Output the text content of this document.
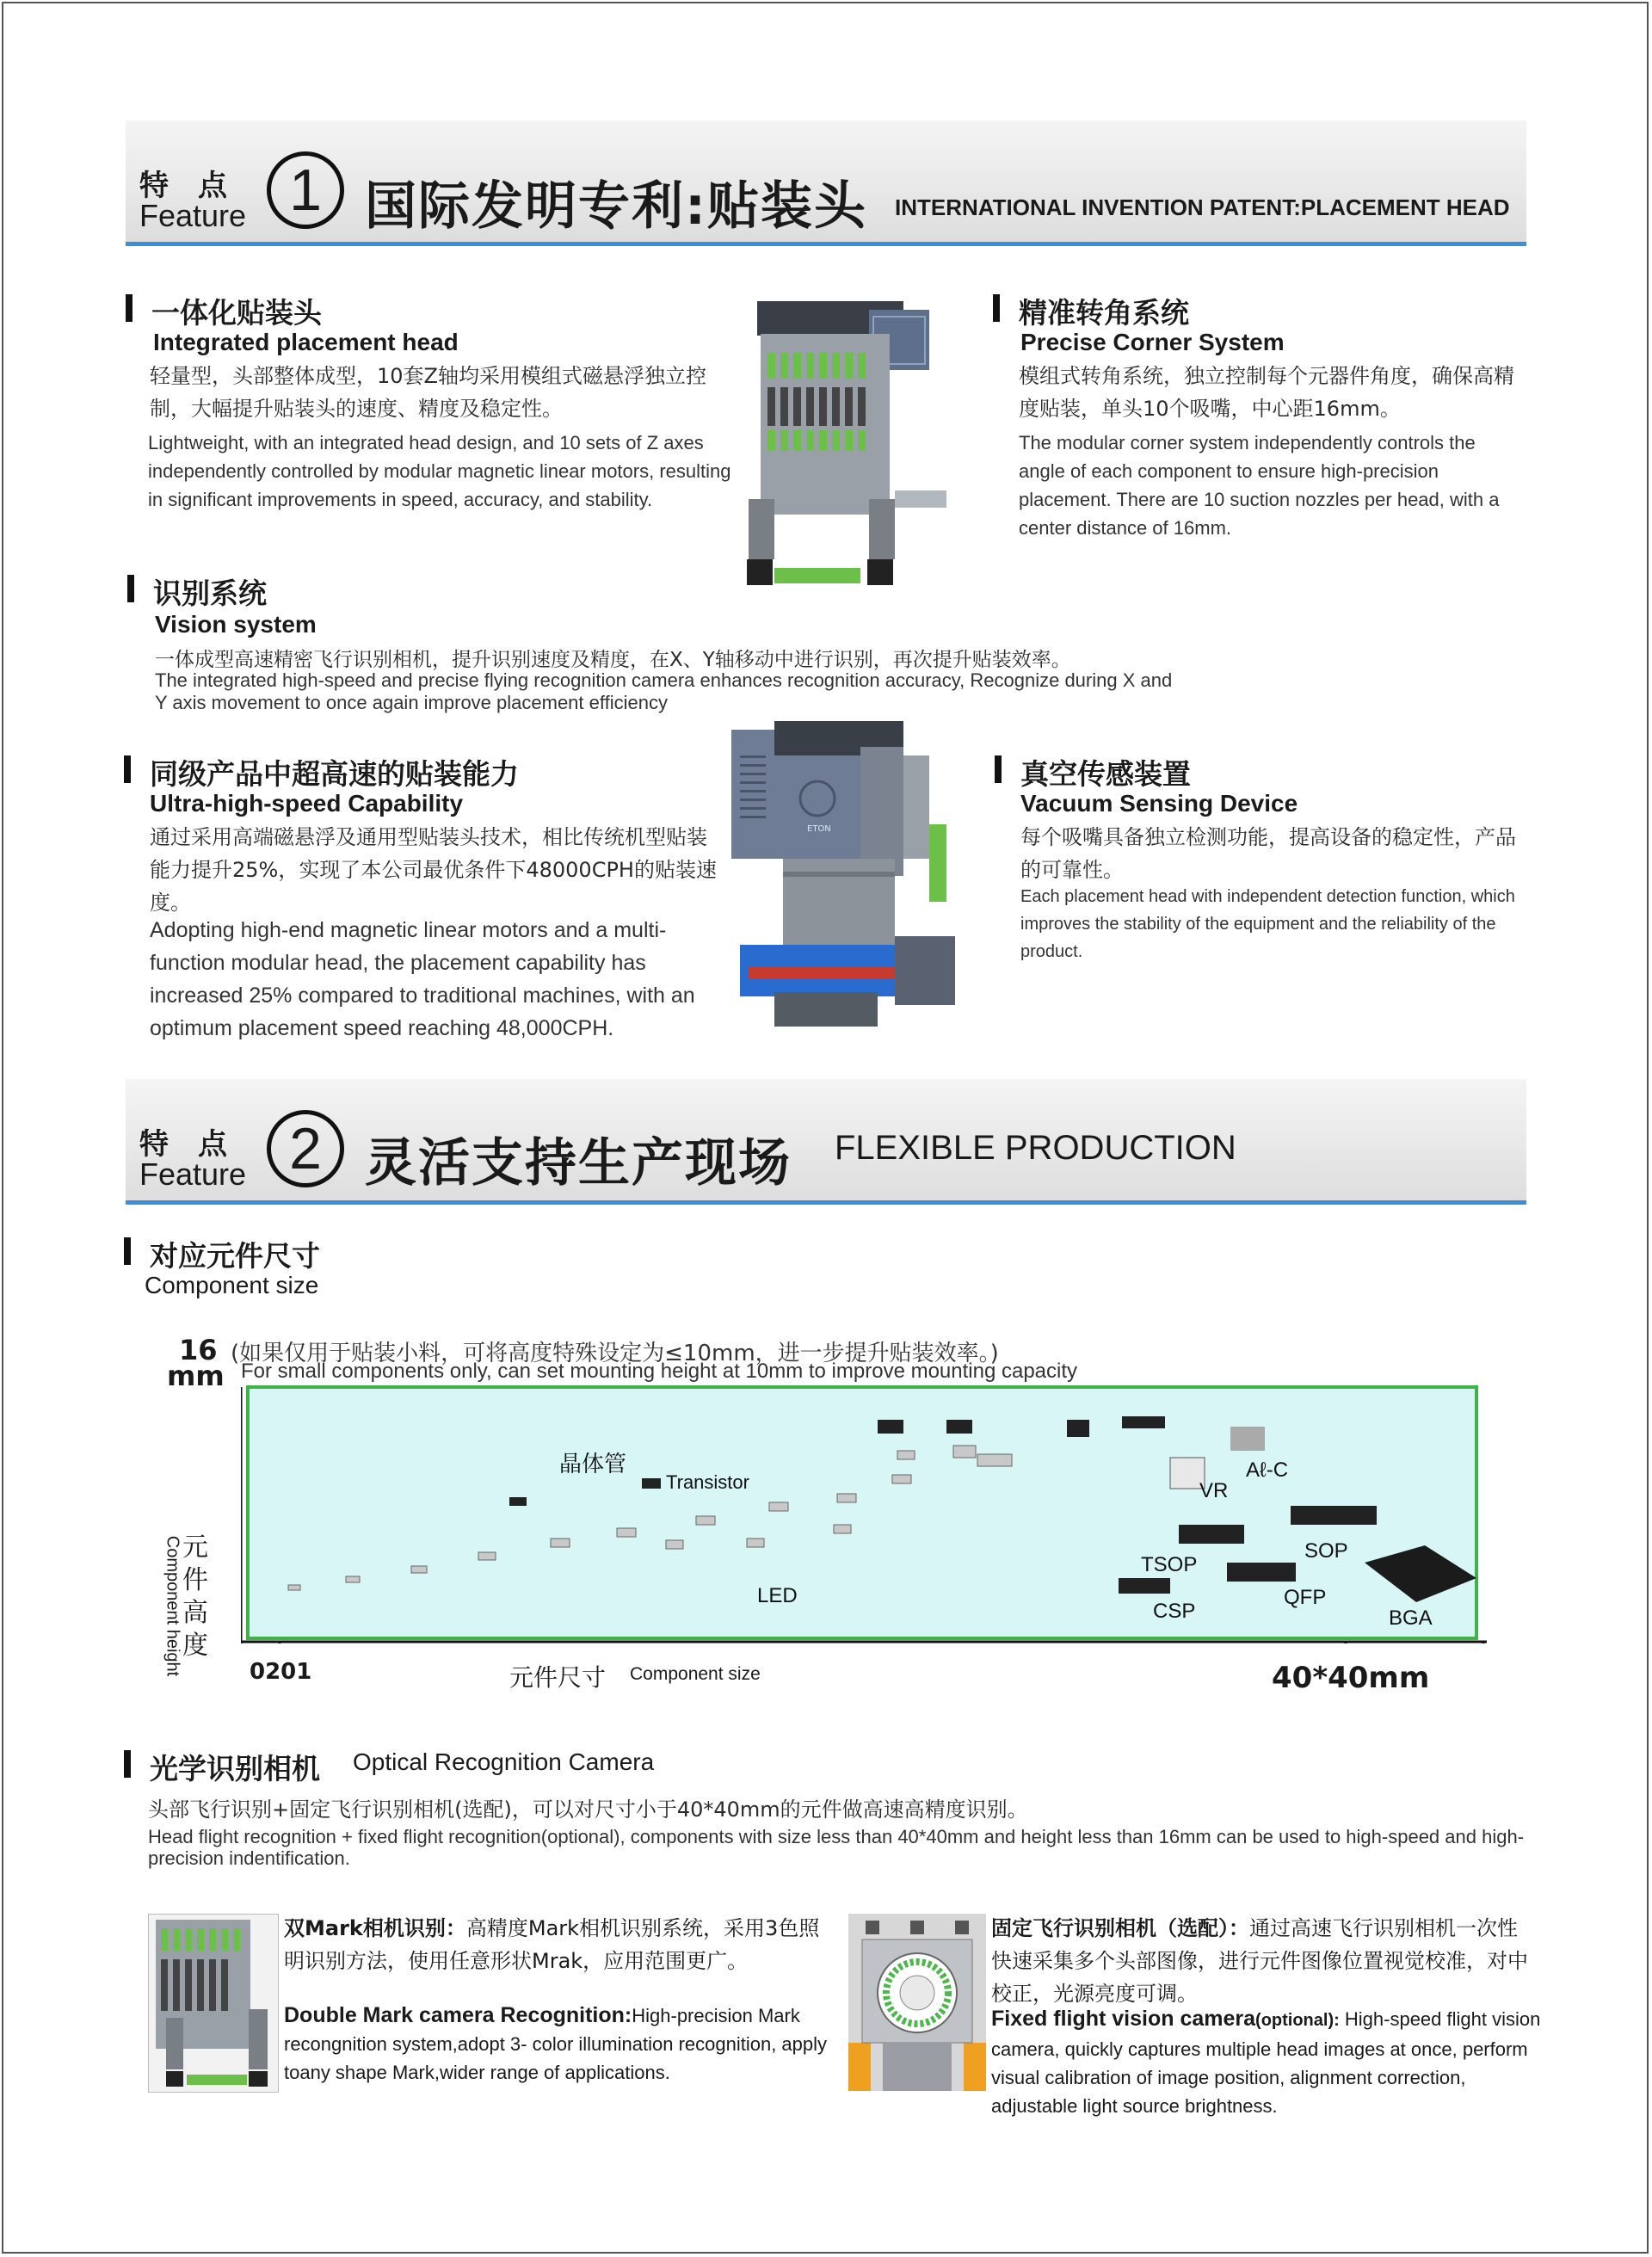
特点
Feature 1 国际发明专利:贴装头 INTERNATIONAL INVENTION PATENT:PLACEMENT HEAD
一体化贴装头
Integrated placement head
轻量型，头部整体成型，10套Z轴均采用模组式磁悬浮独立控制，大幅提升贴装头的速度、精度及稳定性。
Lightweight, with an integrated head design, and 10 sets of Z axes independently controlled by modular magnetic linear motors, resulting in significant improvements in speed, accuracy, and stability.
精准转角系统
Precise Corner System
模组式转角系统，独立控制每个元器件角度，确保高精度贴装，单头10个吸嘴，中心距16mm。
The modular corner system independently controls the angle of each component to ensure high-precision placement. There are 10 suction nozzles per head, with a center distance of 16mm.
识别系统
Vision system
一体成型高速精密飞行识别相机，提升识别速度及精度，在X、Y轴移动中进行识别，再次提升贴装效率。
The integrated high-speed and precise flying recognition camera enhances recognition accuracy, Recognize during X and Y axis movement to once again improve placement efficiency
同级产品中超高速的贴装能力
Ultra-high-speed Capability
通过采用高端磁悬浮及通用型贴装头技术，相比传统机型贴装能力提升25%，实现了本公司最优条件下48000CPH的贴装速度。
Adopting high-end magnetic linear motors and a multi-function modular head, the placement capability has increased 25% compared to traditional machines, with an optimum placement speed reaching 48,000CPH.
ETON
真空传感装置
Vacuum Sensing Device
每个吸嘴具备独立检测功能，提高设备的稳定性，产品的可靠性。
Each placement head with independent detection function, which improves the stability of the equipment and the reliability of the product.
特点
Feature 2 灵活支持生产现场 FLEXIBLE PRODUCTION
对应元件尺寸
Component size
16
mm
(如果仅用于贴装小料，可将高度特殊设定为≤10mm，进一步提升贴装效率。)
For small components only, can set mounting height at 10mm to improve mounting capacity
晶体管
Transistor
LED
VR
Aℓ-C
TSOP
SOP
CSP
QFP
BGA
元件高度
Component height	0201	元件尺寸 Component size	40*40mm
光学识别相机 Optical Recognition Camera
头部飞行识别+固定飞行识别相机(选配)，可以对尺寸小于40*40mm的元件做高速高精度识别。
Head flight recognition + fixed flight recognition(optional), components with size less than 40*40mm and height less than 16mm can be used to high-speed and high-precision indentification.
双Mark相机识别：高精度Mark相机识别系统，采用3色照明识别方法，使用任意形状Mrak，应用范围更广。
Double Mark camera Recognition:High-precision Mark recongnition system,adopt 3- color illumination recognition, apply toany shape Mark,wider range of applications.
固定飞行识别相机（选配）：通过高速飞行识别相机一次性快速采集多个头部图像，进行元件图像位置视觉校准，对中校正，光源亮度可调。
Fixed flight vision camera(optional): High-speed flight vision camera, quickly captures multiple head images at once, perform visual calibration of image position, alignment correction, adjustable light source brightness.
